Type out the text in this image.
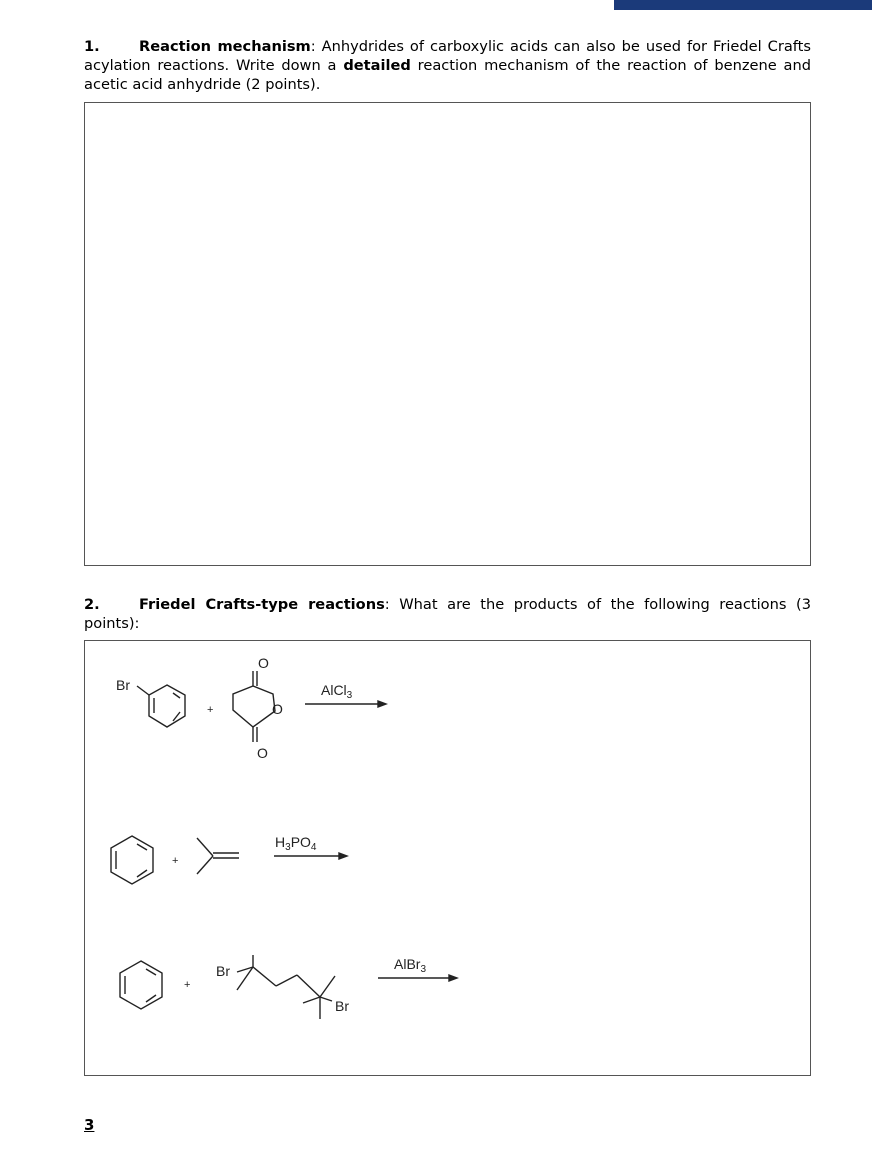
1.	Reaction mechanism: Anhydrides of carboxylic acids can also be used for Friedel Crafts acylation reactions. Write down a detailed reaction mechanism of the reaction of benzene and acetic acid anhydride (2 points).
2.	Friedel Crafts-type reactions: What are the products of the following reactions (3 points):
Br
+
O
O
O
AlCl$_3$
+
$H_3PO_4$
Br
+
Br
AlBr$_3$
3
